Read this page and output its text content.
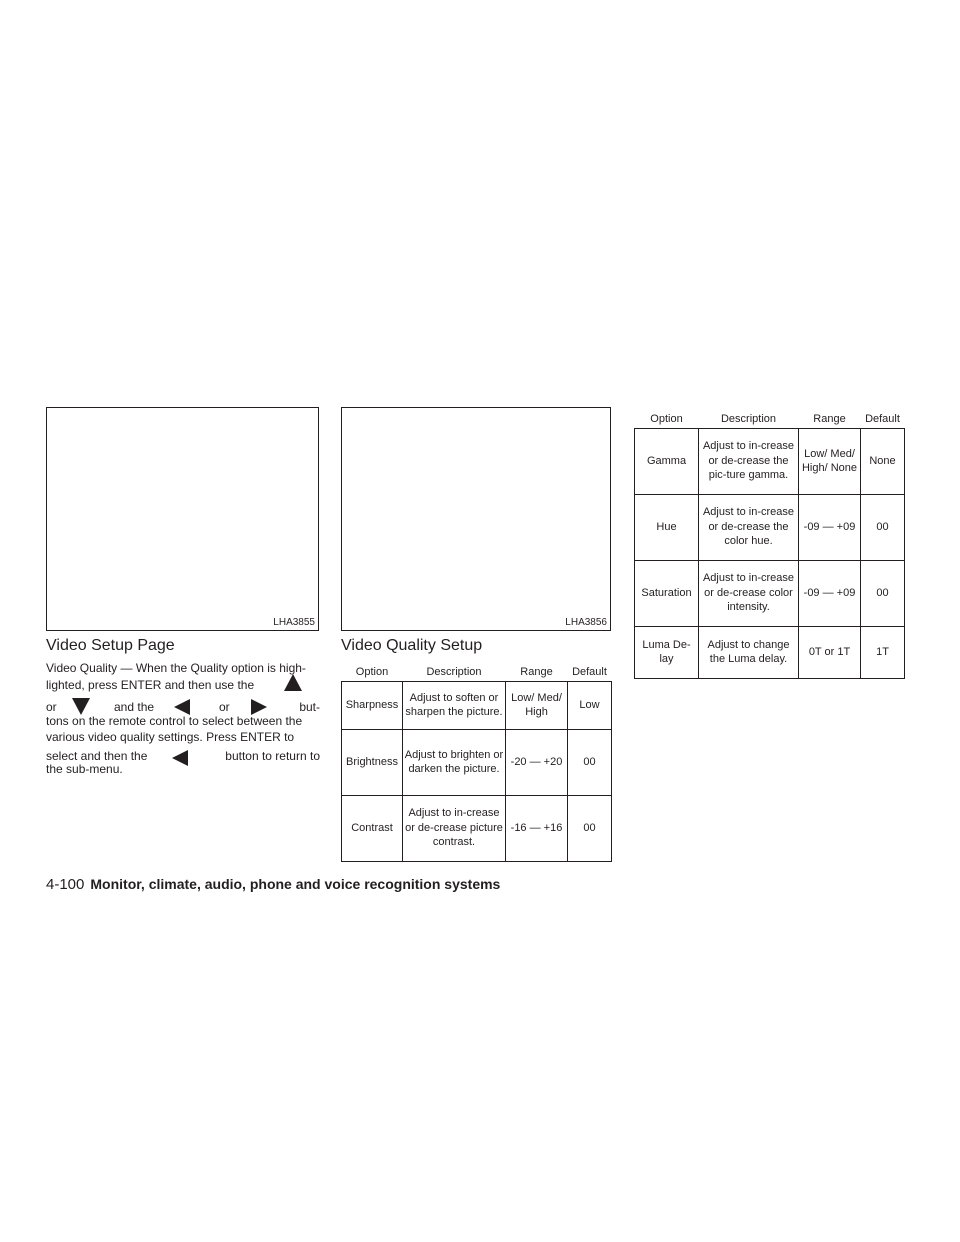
LHA3855	LHA3856
Video Setup Page
Video Quality — When the Quality option is high-
lighted, press ENTER and then use the
or	and the	or	but-
tons on the remote control to select between the
various video quality settings. Press ENTER to
select and then the	button to return to
the sub-menu.
Video Quality Setup
Option	Description	Range	Default
Sharpness	Adjust to soften or sharpen the picture.	Low/ Med/ High	Low
Brightness	Adjust to brighten or darken the picture.	-20 — +20	00
Contrast	Adjust to in-crease or de-crease picture contrast.	-16 — +16	00
Option	Description	Range	Default
Gamma	Adjust to in-crease or de-crease the pic-ture gamma.	Low/ Med/ High/ None	None
Hue	Adjust to in-crease or de-crease the color hue.	-09 — +09	00
Saturation	Adjust to in-crease or de-crease color intensity.	-09 — +09	00
Luma De-lay	Adjust to change the Luma delay.	0T or 1T	1T
4-100 Monitor, climate, audio, phone and voice recognition systems
